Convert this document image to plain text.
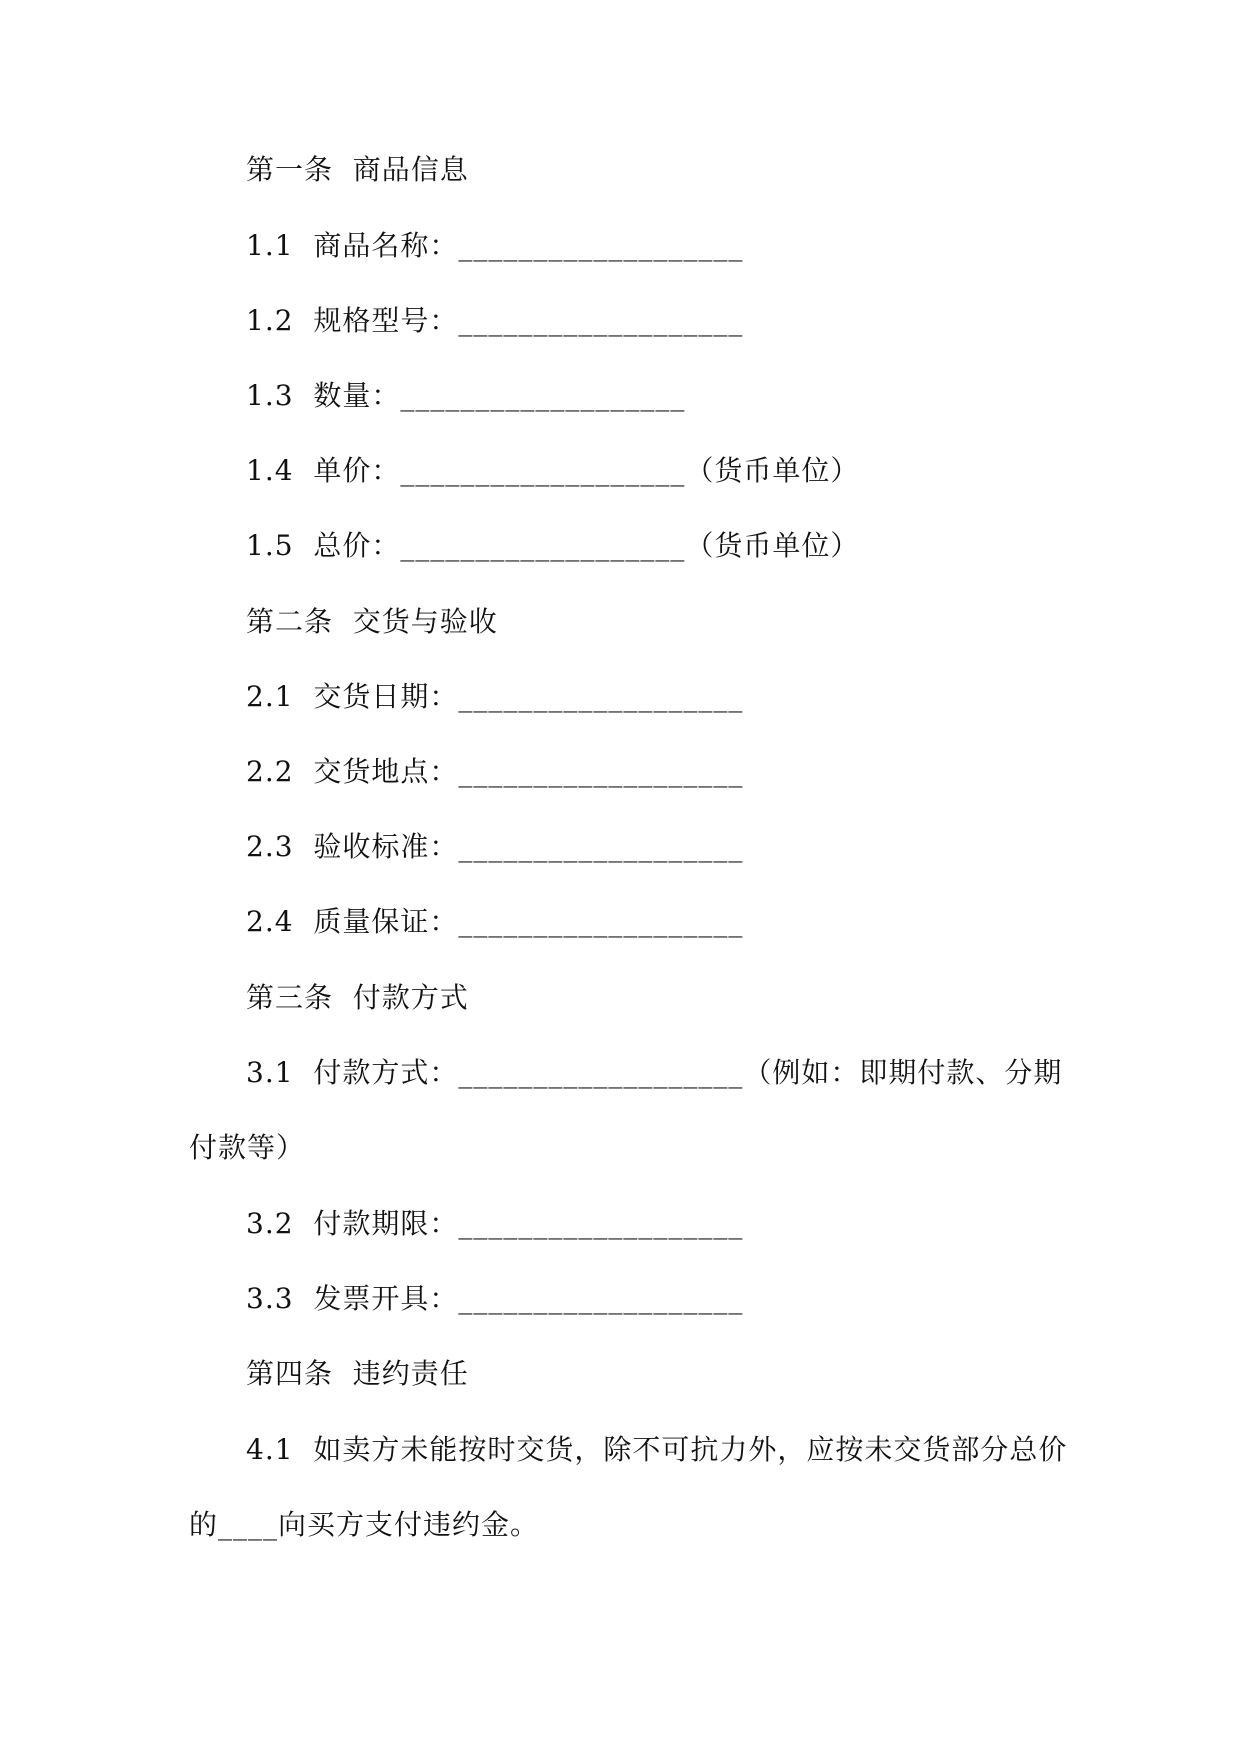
第一条  商品信息

1.1  商品名称：___________________

1.2  规格型号：___________________

1.3  数量：___________________

1.4  单价：___________________（货币单位）

1.5  总价：___________________（货币单位）

第二条  交货与验收

2.1  交货日期：___________________

2.2  交货地点：___________________

2.3  验收标准：___________________

2.4  质量保证：___________________

第三条  付款方式

3.1  付款方式：___________________（例如：即期付款、分期

付款等）

3.2  付款期限：___________________

3.3  发票开具：___________________

第四条  违约责任

4.1  如卖方未能按时交货，除不可抗力外，应按未交货部分总价

的____向买方支付违约金。
